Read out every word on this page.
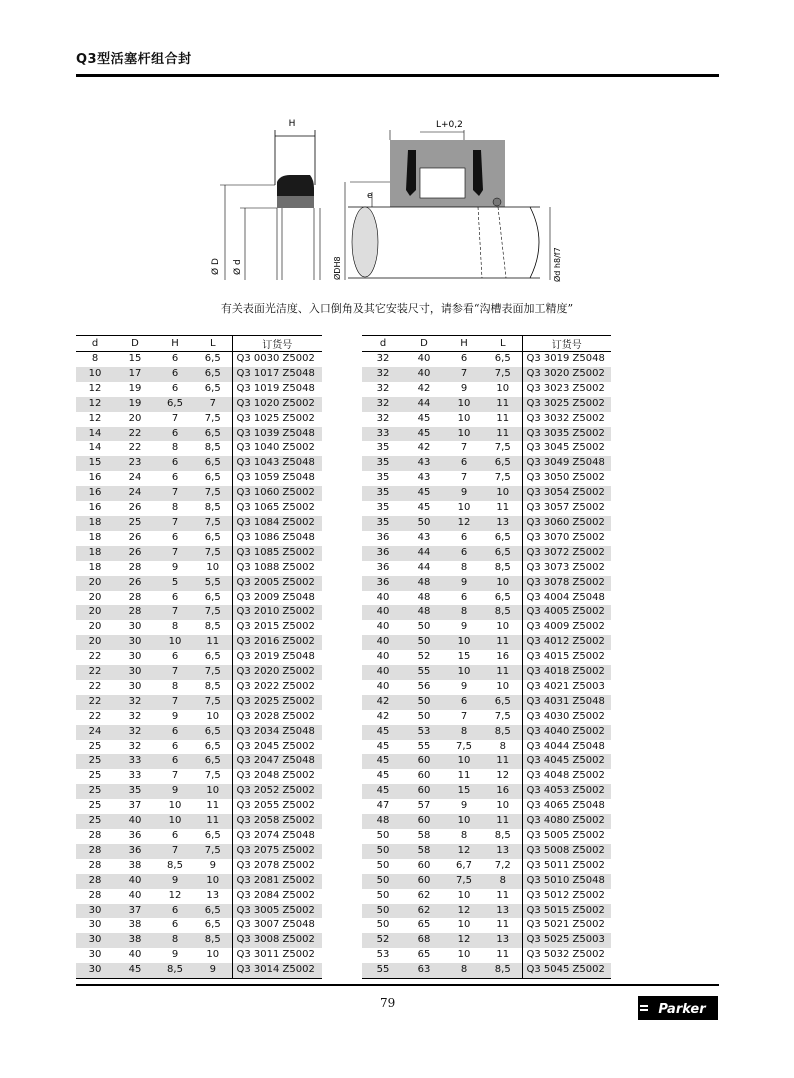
Q3型活塞杆组合封
H
Ø D Ø d
L+0,2
e
ØDH8	Ød h8/f7
有关表面光洁度、入口倒角及其它安装尺寸，请参看“沟槽表面加工精度”
d	D	H	L	订货号
8	15	6	6,5	Q3 0030 Z5002
10	17	6	6,5	Q3 1017 Z5048
12	19	6	6,5	Q3 1019 Z5048
12	19	6,5	7	Q3 1020 Z5002
12	20	7	7,5	Q3 1025 Z5002
14	22	6	6,5	Q3 1039 Z5048
14	22	8	8,5	Q3 1040 Z5002
15	23	6	6,5	Q3 1043 Z5048
16	24	6	6,5	Q3 1059 Z5048
16	24	7	7,5	Q3 1060 Z5002
16	26	8	8,5	Q3 1065 Z5002
18	25	7	7,5	Q3 1084 Z5002
18	26	6	6,5	Q3 1086 Z5048
18	26	7	7,5	Q3 1085 Z5002
18	28	9	10	Q3 1088 Z5002
20	26	5	5,5	Q3 2005 Z5002
20	28	6	6,5	Q3 2009 Z5048
20	28	7	7,5	Q3 2010 Z5002
20	30	8	8,5	Q3 2015 Z5002
20	30	10	11	Q3 2016 Z5002
22	30	6	6,5	Q3 2019 Z5048
22	30	7	7,5	Q3 2020 Z5002
22	30	8	8,5	Q3 2022 Z5002
22	32	7	7,5	Q3 2025 Z5002
22	32	9	10	Q3 2028 Z5002
24	32	6	6,5	Q3 2034 Z5048
25	32	6	6,5	Q3 2045 Z5002
25	33	6	6,5	Q3 2047 Z5048
25	33	7	7,5	Q3 2048 Z5002
25	35	9	10	Q3 2052 Z5002
25	37	10	11	Q3 2055 Z5002
25	40	10	11	Q3 2058 Z5002
28	36	6	6,5	Q3 2074 Z5048
28	36	7	7,5	Q3 2075 Z5002
28	38	8,5	9	Q3 2078 Z5002
28	40	9	10	Q3 2081 Z5002
28	40	12	13	Q3 2084 Z5002
30	37	6	6,5	Q3 3005 Z5002
30	38	6	6,5	Q3 3007 Z5048
30	38	8	8,5	Q3 3008 Z5002
30	40	9	10	Q3 3011 Z5002
30	45	8,5	9	Q3 3014 Z5002
d	D	H	L	订货号
32	40	6	6,5	Q3 3019 Z5048
32	40	7	7,5	Q3 3020 Z5002
32	42	9	10	Q3 3023 Z5002
32	44	10	11	Q3 3025 Z5002
32	45	10	11	Q3 3032 Z5002
33	45	10	11	Q3 3035 Z5002
35	42	7	7,5	Q3 3045 Z5002
35	43	6	6,5	Q3 3049 Z5048
35	43	7	7,5	Q3 3050 Z5002
35	45	9	10	Q3 3054 Z5002
35	45	10	11	Q3 3057 Z5002
35	50	12	13	Q3 3060 Z5002
36	43	6	6,5	Q3 3070 Z5002
36	44	6	6,5	Q3 3072 Z5002
36	44	8	8,5	Q3 3073 Z5002
36	48	9	10	Q3 3078 Z5002
40	48	6	6,5	Q3 4004 Z5048
40	48	8	8,5	Q3 4005 Z5002
40	50	9	10	Q3 4009 Z5002
40	50	10	11	Q3 4012 Z5002
40	52	15	16	Q3 4015 Z5002
40	55	10	11	Q3 4018 Z5002
40	56	9	10	Q3 4021 Z5003
42	50	6	6,5	Q3 4031 Z5048
42	50	7	7,5	Q3 4030 Z5002
45	53	8	8,5	Q3 4040 Z5002
45	55	7,5	8	Q3 4044 Z5048
45	60	10	11	Q3 4045 Z5002
45	60	11	12	Q3 4048 Z5002
45	60	15	16	Q3 4053 Z5002
47	57	9	10	Q3 4065 Z5048
48	60	10	11	Q3 4080 Z5002
50	58	8	8,5	Q3 5005 Z5002
50	58	12	13	Q3 5008 Z5002
50	60	6,7	7,2	Q3 5011 Z5002
50	60	7,5	8	Q3 5010 Z5048
50	62	10	11	Q3 5012 Z5002
50	62	12	13	Q3 5015 Z5002
50	65	10	11	Q3 5021 Z5002
52	68	12	13	Q3 5025 Z5003
53	65	10	11	Q3 5032 Z5002
55	63	8	8,5	Q3 5045 Z5002
79	Parker
